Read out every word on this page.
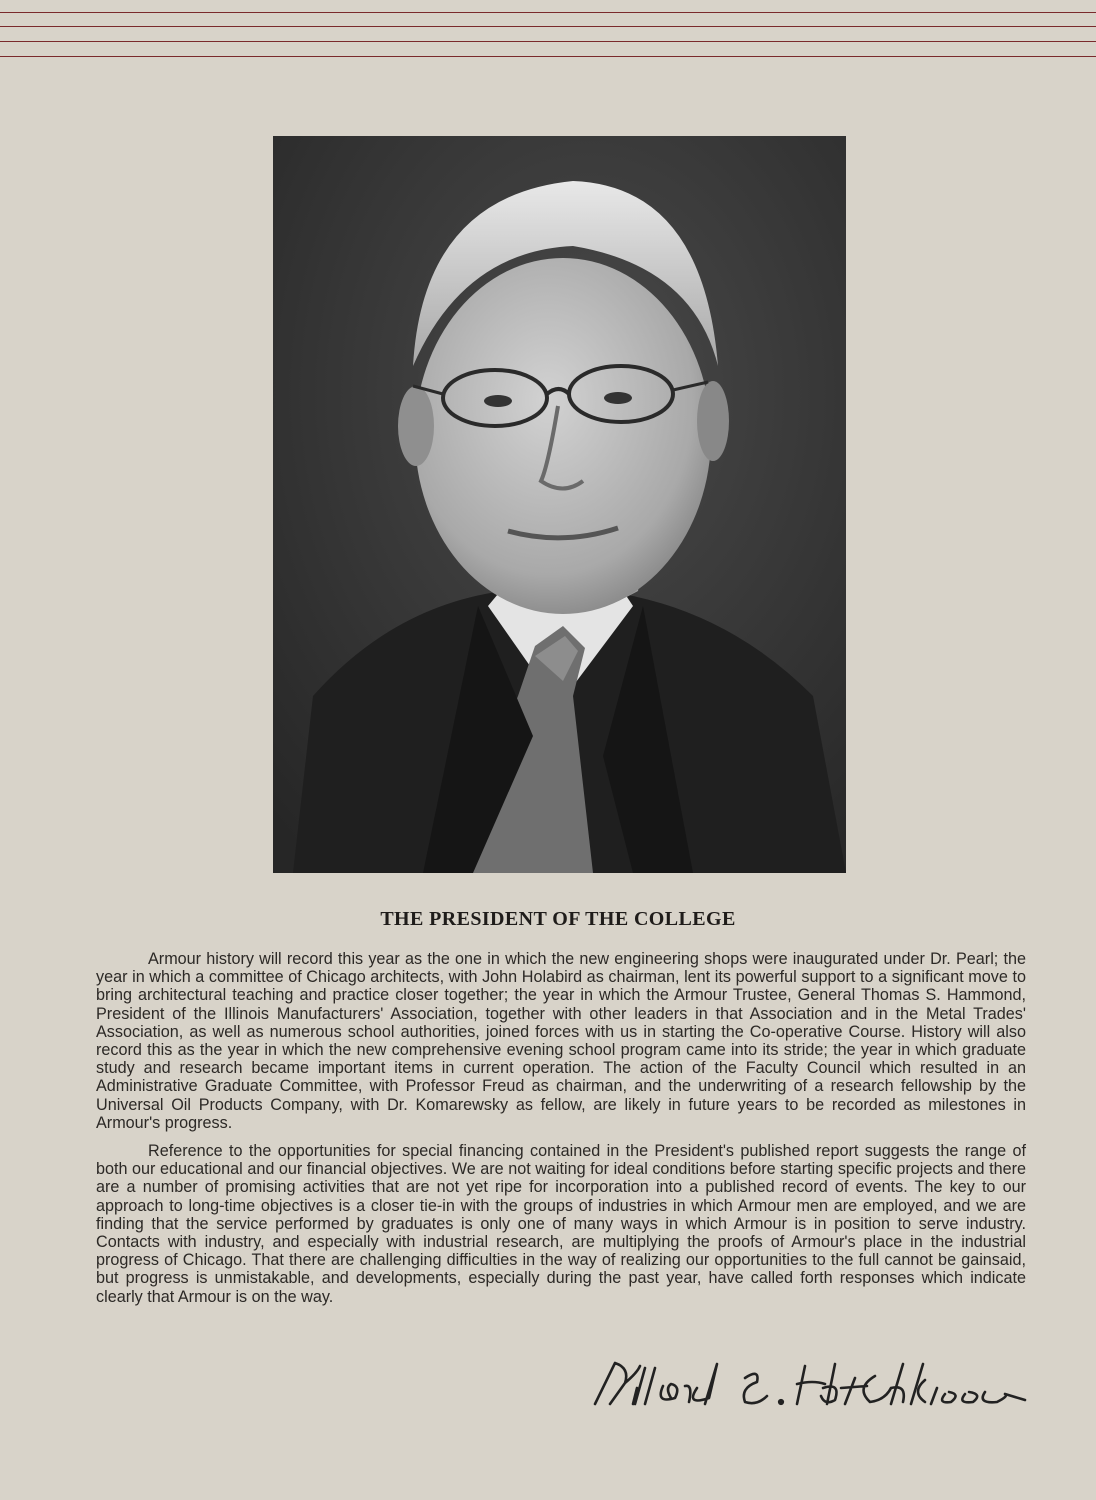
THE PRESIDENT OF THE COLLEGE

Armour history will record this year as the one in which the new engineering shops were inaugurated under Dr. Pearl; the year in which a committee of Chicago architects, with John Holabird as chairman, lent its powerful support to a significant move to bring architectural teaching and practice closer together; the year in which the Armour Trustee, General Thomas S. Hammond, President of the Illinois Manufacturers' Association, together with other leaders in that Association and in the Metal Trades' Association, as well as numerous school authorities, joined forces with us in starting the Co-operative Course. History will also record this as the year in which the new comprehensive evening school program came into its stride; the year in which graduate study and research became important items in current operation. The action of the Faculty Council which resulted in an Administrative Graduate Committee, with Professor Freud as chairman, and the underwriting of a research fellowship by the Universal Oil Products Company, with Dr. Komarewsky as fellow, are likely in future years to be recorded as milestones in Armour's progress.

Reference to the opportunities for special financing contained in the President's published report suggests the range of both our educational and our financial objectives. We are not waiting for ideal conditions before starting specific projects and there are a number of promising activities that are not yet ripe for incorporation into a published record of events. The key to our approach to long-time objectives is a closer tie-in with the groups of industries in which Armour men are employed, and we are finding that the service performed by graduates is only one of many ways in which Armour is in position to serve industry. Contacts with industry, and especially with industrial research, are multiplying the proofs of Armour's place in the industrial progress of Chicago. That there are challenging difficulties in the way of realizing our opportunities to the full cannot be gainsaid, but progress is unmistakable, and developments, especially during the past year, have called forth responses which indicate clearly that Armour is on the way.
